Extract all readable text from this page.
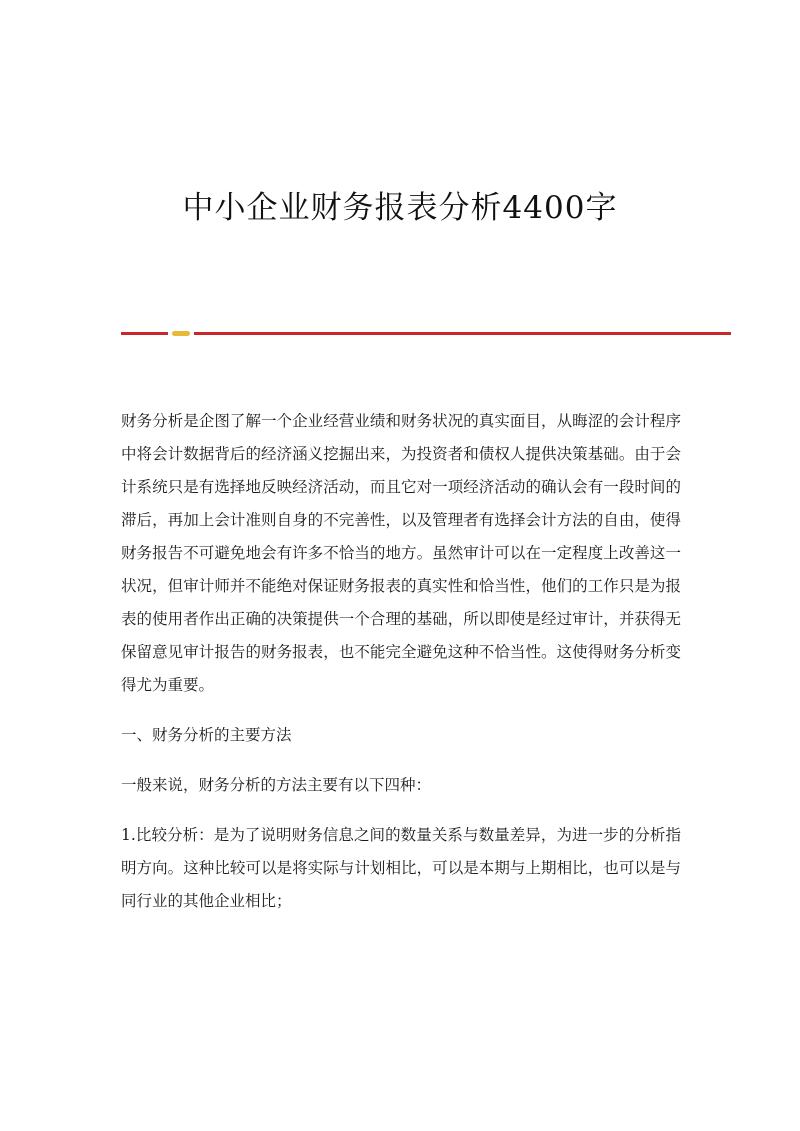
中小企业财务报表分析4400字

财务分析是企图了解一个企业经营业绩和财务状况的真实面目，从晦涩的会计程序中将会计数据背后的经济涵义挖掘出来，为投资者和债权人提供决策基础。由于会计系统只是有选择地反映经济活动，而且它对一项经济活动的确认会有一段时间的滞后，再加上会计准则自身的不完善性，以及管理者有选择会计方法的自由，使得财务报告不可避免地会有许多不恰当的地方。虽然审计可以在一定程度上改善这一状况，但审计师并不能绝对保证财务报表的真实性和恰当性，他们的工作只是为报 表的使用者作出正确的决策提供一个合理的基础，所以即使是经过审计，并获得无保留意见审计报告的财务报表，也不能完全避免这种不恰当性。这使得财务分析变 得尤为重要。

一、财务分析的主要方法

一般来说，财务分析的方法主要有以下四种：

1.比较分析：是为了说明财务信息之间的数量关系与数量差异，为进一步的分析指明方向。这种比较可以是将实际与计划相比，可以是本期与上期相比，也可以是与同行业的其他企业相比；
